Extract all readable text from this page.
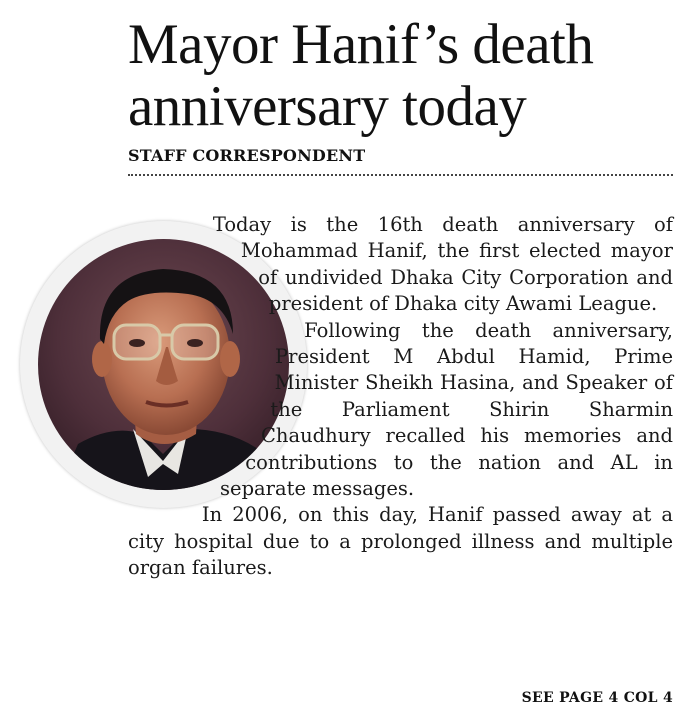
Mayor Hanif’s death
anniversary today
STAFF CORRESPONDENT

Today is the 16th death anniversary of Mohammad Hanif, the first elected mayor of undivided Dhaka City Corporation and president of Dhaka city Awami League.

Following the death anniversary, President M Abdul Hamid, Prime Minister Sheikh Hasina, and Speaker of the Parliament Shirin Sharmin Chaudhury recalled his memories and contributions to the nation and AL in separate messages.

In 2006, on this day, Hanif passed away at a city hospital due to a prolonged illness and multiple organ failures.

SEE PAGE 4 COL 4
